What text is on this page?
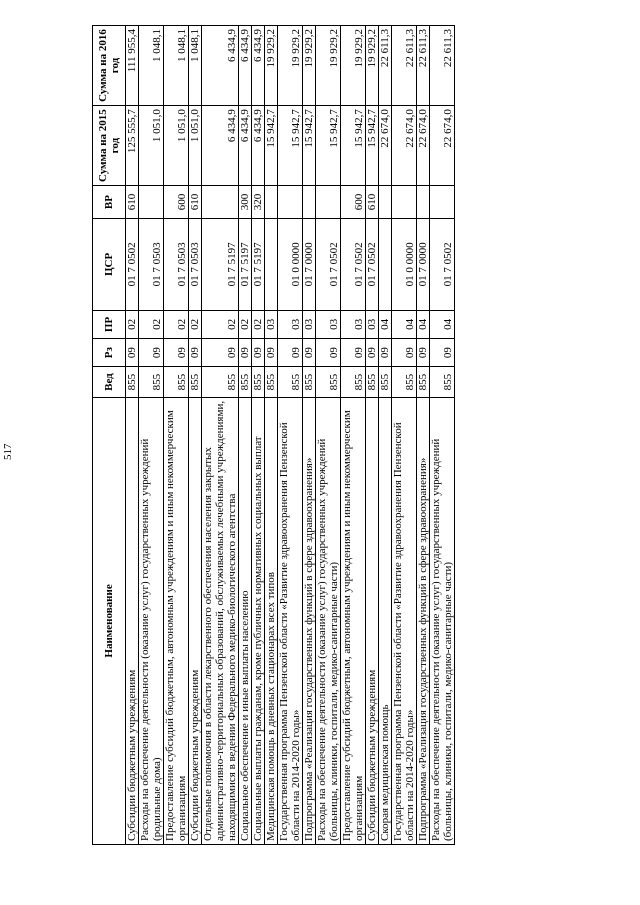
517
Наименование	Вед	Рз	ПР	ЦСР	ВР	Сумма на 2015 год	Сумма на 2016 год
Субсидии бюджетным учреждениям	855	09	02	01 7 0502	610	125 555,7	111 955,4
Расходы на обеспечение деятельности (оказание услуг) государственных учреждений (родильные дома)	855	09	02	01 7 0503		1 051,0	1 048,1
Предоставление субсидий бюджетным, автономным учреждениям и иным некоммерческим организациям	855	09	02	01 7 0503	600	1 051,0	1 048,1
Субсидии бюджетным учреждениям	855	09	02	01 7 0503	610	1 051,0	1 048,1
Отдельные полномочия в области лекарственного обеспечения населения закрытых административно-территориальных образований, обслуживаемых лечебными учреждениями, находящимися в ведении Федерального медико-биологического агентства	855	09	02	01 7 5197		6 434,9	6 434,9
Социальное обеспечение и иные выплаты населению	855	09	02	01 7 5197	300	6 434,9	6 434,9
Социальные выплаты гражданам, кроме публичных нормативных социальных выплат	855	09	02	01 7 5197	320	6 434,9	6 434,9
Медицинская помощь в дневных стационарах всех типов	855	09	03			15 942,7	19 929,2
Государственная программа Пензенской области «Развитие здравоохранения Пензенской области на 2014-2020 годы»	855	09	03	01 0 0000		15 942,7	19 929,2
Подпрограмма «Реализация государственных функций в сфере здравоохранения»	855	09	03	01 7 0000		15 942,7	19 929,2
Расходы на обеспечение деятельности (оказание услуг) государственных учреждений (больницы, клиники, госпитали, медико-санитарные части)	855	09	03	01 7 0502		15 942,7	19 929,2
Предоставление субсидий бюджетным, автономным учреждениям и иным некоммерческим организациям	855	09	03	01 7 0502	600	15 942,7	19 929,2
Субсидии бюджетным учреждениям	855	09	03	01 7 0502	610	15 942,7	19 929,2
Скорая медицинская помощь	855	09	04			22 674,0	22 611,3
Государственная программа Пензенской области «Развитие здравоохранения Пензенской области на 2014-2020 годы»	855	09	04	01 0 0000		22 674,0	22 611,3
Подпрограмма «Реализация государственных функций в сфере здравоохранения»	855	09	04	01 7 0000		22 674,0	22 611,3
Расходы на обеспечение деятельности (оказание услуг) государственных учреждений (больницы, клиники, госпитали, медико-санитарные части)	855	09	04	01 7 0502		22 674,0	22 611,3
